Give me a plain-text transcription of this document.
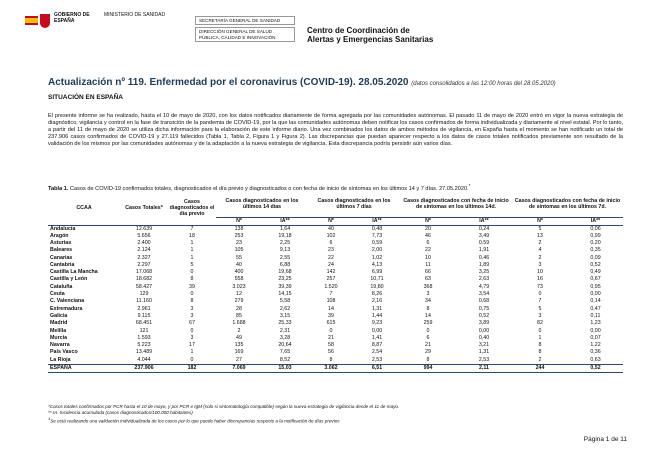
GOBIERNO DE ESPAÑA
MINISTERIO DE SANIDAD
SECRETARÍA GENERAL DE SANIDAD
DIRECCIÓN GENERAL DE SALUD PÚBLICA, CALIDAD E INNOVACIÓN
Centro de Coordinación de Alertas y Emergencias Sanitarias
Actualización nº 119. Enfermedad por el coronavirus (COVID-19). 28.05.2020 (datos consolidados a las 12:00 horas del 28.05.2020)
SITUACIÓN EN ESPAÑA
El presente informe se ha realizado, hasta el 10 de mayo de 2020, con los datos notificados diariamente de forma agregada por las comunidades autónomas. El pasado 11 de mayo de 2020 entró en vigor la nueva estrategia de diagnóstico, vigilancia y control en la fase de transición de la pandemia de COVID-19, por la que las comunidades autónomas deben notificar los casos confirmados de forma individualizada y diariamente al nivel estatal. Por lo tanto, a partir del 11 de mayo de 2020 se utiliza dicha información para la elaboración de este informe diario. Una vez combinados los datos de ambos métodos de vigilancia, en España hasta el momento se han notificado un total de 237.906 casos confirmados de COVID-19 y 27.119 fallecidos (Tabla 1, Tabla 2, Figura 1 y Figura 2). Las discrepancias que puedan aparecer respecto a los datos de casos totales notificados previamente son resultado de la validación de los mismos por las comunidades autónomas y de la adaptación a la nueva estrategia de vigilancia. Esta discrepancia podría persistir aún varios días.
Tabla 1. Casos de COVID-19 confirmados totales, diagnosticados el día previo y diagnosticados o con fecha de inicio de síntomas en los últimos 14 y 7 días. 27.05.2020.*
CCAA	Casos Totales*	Casos diagnosticados el día previo	Casos diagnosticados en los últimos 14 días		Casos diagnosticados en los últimos 7 días		Casos diagnosticados con fecha de inicio de síntomas en los últimos 14d.		Casos diagnosticados con fecha de inicio de síntomas en los últimos 7d.	
			Nº	IA**	Nº	IA**	Nº	IA**	Nº	IA**
Andalucía	12.639	7	138	1,64	40	0,48	20	0,24	5	0,06
Aragón	5.656	18	253	19,18	102	7,73	46	3,49	13	0,99
Asturias	2.400	1	23	2,25	6	0,59	6	0,59	2	0,20
Baleares	2.124	1	105	9,13	23	2,00	22	1,91	4	0,35
Canarias	2.327	1	55	2,55	22	1,02	10	0,46	2	0,09
Cantabria	2.297	5	40	6,88	24	4,13	11	1,89	3	0,52
Castilla La Mancha	17.068	0	400	19,68	142	6,99	66	3,25	10	0,49
Castilla y León	18.682	8	558	23,25	257	10,71	63	2,63	16	0,67
Cataluña	58.427	39	3.023	39,39	1.520	19,80	368	4,79	73	0,95
Ceuta	129	0	12	14,15	7	8,26	3	3,54	0	0,00
C. Valenciana	11.160	8	279	5,58	108	2,16	34	0,68	7	0,14
Extremadura	2.961	3	28	2,62	14	1,31	8	0,75	5	0,47
Galicia	9.115	3	85	3,15	39	1,44	14	0,52	3	0,11
Madrid	68.451	67	1.688	25,33	615	9,23	259	3,89	82	1,23
Melilla	121	0	2	2,31	0	0,00	0	0,00	0	0,00
Murcia	1.593	3	49	3,28	21	1,41	6	0,40	1	0,07
Navarra	5.223	17	135	20,64	58	8,87	21	3,21	8	1,22
País Vasco	13.489	1	169	7,65	56	2,54	29	1,31	8	0,36
La Rioja	4.044	0	27	8,52	8	2,53	8	2,53	2	0,63
ESPAÑA	237.906	182	7.069	15,03	3.062	6,51	994	2,11	244	0,52
*Casos totales confirmados por PCR hasta el 10 de mayo, y por PCR e IgM (solo si sintomatología compatible) según la nueva estrategia de vigilancia desde el 11 de mayo.
** IA: Incidencia acumulada (casos diagnosticados/100.000 habitantes)
$^1$Se está realizando una validación individualizada de los casos por lo que puede haber discrepancias respecto a la notificación de días previos
Página 1 de 11
